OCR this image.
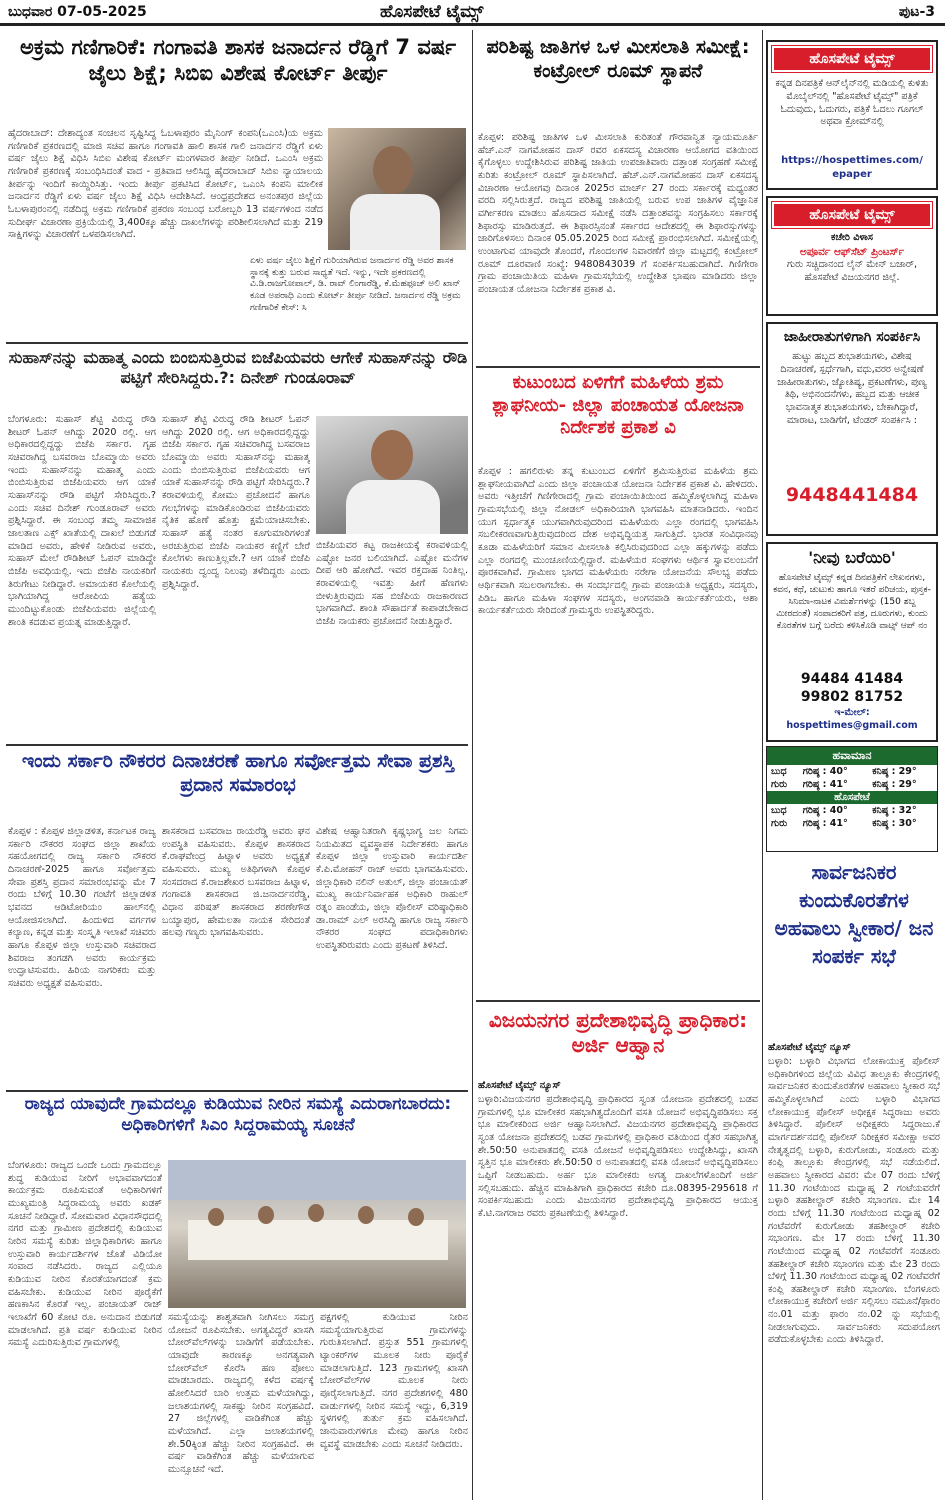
ಬುಧವಾರ 07-05-2025	ಹೊಸಪೇಟೆ ಟೈಮ್ಸ್	ಪುಟ-3
ಅಕ್ರಮ ಗಣಿಗಾರಿಕೆ: ಗಂಗಾವತಿ ಶಾಸಕ ಜನಾರ್ದನ ರೆಡ್ಡಿಗೆ 7 ವರ್ಷ ಜೈಲು ಶಿಕ್ಷೆ; ಸಿಬಿಐ ವಿಶೇಷ ಕೋರ್ಟ್ ತೀರ್ಪು
ಹೈದರಾಬಾದ್: ದೇಶಾದ್ಯಂತ ಸಂಚಲನ ಸೃಷ್ಟಿಸಿದ್ದ ಓಬಳಾಪುರಂ ಮೈನಿಂಗ್ ಕಂಪನಿ(ಒಎಂಸಿ)ಯ ಅಕ್ರಮ ಗಣಿಗಾರಿಕೆ ಪ್ರಕರಣದಲ್ಲಿ ಮಾಜಿ ಸಚಿವ ಹಾಗೂ ಗಂಗಾವತಿ ಹಾಲಿ ಶಾಸಕ ಗಾಲಿ ಜನಾರ್ದನ ರೆಡ್ಡಿಗೆ ಏಳು ವರ್ಷ ಜೈಲು ಶಿಕ್ಷೆ ವಿಧಿಸಿ ಸಿಬಿಐ ವಿಶೇಷ ಕೋರ್ಟ್ ಮಂಗಳವಾರ ತೀರ್ಪು ನೀಡಿದೆ. ಒಎಂಸಿ ಅಕ್ರಮ ಗಣಿಗಾರಿಕೆ ಪ್ರಕರಣಕ್ಕೆ ಸಂಬಂಧಿಸಿದಂತೆ ವಾದ - ಪ್ರತಿವಾದ ಆಲಿಸಿದ್ದ ಹೈದರಾಬಾದ್ ಸಿಬಿಐ ನ್ಯಾಯಾಲಯ ತೀರ್ಪನ್ನು ಇಂದಿಗೆ ಕಾಯ್ದಿರಿಸಿತ್ತು. ಇಂದು ತೀರ್ಪು ಪ್ರಕಟಿಸಿದ ಕೋರ್ಟ್, ಒಎಂಸಿ ಕಂಪನಿ ಮಾಲೀಕ ಜನಾರ್ದನ ರೆಡ್ಡಿಗೆ ಏಳು ವರ್ಷ ಜೈಲು ಶಿಕ್ಷೆ ವಿಧಿಸಿ ಆದೇಶಿಸಿದೆ. ಆಂಧ್ರಪ್ರದೇಶದ ಅನಂತಪುರ ಜಿಲ್ಲೆಯ ಓಬಳಾಪುರಂನಲ್ಲಿ ನಡೆದಿದ್ದ ಅಕ್ರಮ ಗಣಿಗಾರಿಕೆ ಪ್ರಕರಣ ಸಂಬಂಧ ಬರೋಬ್ಬರಿ 13 ವರ್ಷಗಳಿಂದ ನಡೆದ ಸುದೀರ್ಘ ವಿಚಾರಣಾ ಪ್ರಕ್ರಿಯೆಯಲ್ಲಿ 3,400ಕ್ಕೂ ಹೆಚ್ಚು ದಾಖಲೆಗಳನ್ನು ಪರಿಶೀಲಿಸಲಾಗಿದೆ ಮತ್ತು 219 ಸಾಕ್ಷಿಗಳನ್ನು ವಿಚಾರಣೆಗೆ ಒಳಪಡಿಸಲಾಗಿದೆ.
ಏಳು ವರ್ಷ ಜೈಲು ಶಿಕ್ಷೆಗೆ ಗುರಿಯಾಗಿರುವ ಜನಾರ್ದನ ರೆಡ್ಡಿ ಅವರ ಶಾಸಕ ಸ್ಥಾನಕ್ಕೆ ಕುತ್ತು ಬರುವ ಸಾಧ್ಯತೆ ಇದೆ. ಇನ್ನು, ಇದೇ ಪ್ರಕರಣದಲ್ಲಿ ವಿ.ಡಿ.ರಾಜಗೋಪಾಲ್, ಡಿ. ರಾವ್ ಲಿಂಗಾರೆಡ್ಡಿ, ಕೆ.ಮೆಹಫೂಜ್ ಅಲಿ ಖಾನ್ ಕೂಡ ಅಪರಾಧಿ ಎಂದು ಕೋರ್ಟ್ ತೀರ್ಪು ನೀಡಿದೆ. ಜನಾರ್ದನ ರೆಡ್ಡಿ ಅಕ್ರಮ ಗಣಿಗಾರಿಕೆ ಕೇಸ್: ಸಿ
ಸುಹಾಸ್‌ನನ್ನು ಮಹಾತ್ಮ ಎಂದು ಬಿಂಬಿಸುತ್ತಿರುವ ಬಿಜೆಪಿಯವರು ಆಗೇಕೆ ಸುಹಾಸ್‌ನನ್ನು ರೌಡಿ ಪಟ್ಟಿಗೆ ಸೇರಿಸಿದ್ದರು.?: ದಿನೇಶ್ ಗುಂಡೂರಾವ್
ಬೆಂಗಳೂರು: ಸುಹಾಸ್ ಶೆಟ್ಟಿ ವಿರುದ್ಧ ರೌಡಿ ಶೀಟರ್ ಓಪನ್ ಆಗಿದ್ದು 2020 ರಲ್ಲಿ. ಆಗ ಅಧಿಕಾರದಲ್ಲಿದ್ದದ್ದು ಬಿಜೆಪಿ ಸರ್ಕಾರ. ಗೃಹ ಸಚಿವರಾಗಿದ್ದ ಬಸವರಾಜ ಬೊಮ್ಮಾಯಿ ಅವರು ಇಂದು ಸುಹಾಸ್‌ನನ್ನು ಮಹಾತ್ಮ ಎಂದು ಬಿಂಬಿಸುತ್ತಿರುವ ಬಿಜೆಪಿಯವರು ಆಗ ಯಾಕೆ ಸುಹಾಸ್‌ನನ್ನು ರೌಡಿ ಪಟ್ಟಿಗೆ ಸೇರಿಸಿದ್ದರು.? ಎಂದು ಸಚಿವ ದಿನೇಶ್ ಗುಂಡೂರಾವ್ ಅವರು ಪ್ರಶ್ನಿಸಿದ್ದಾರೆ. ಈ ಸಂಬಂಧ ತಮ್ಮ ಸಾಮಾಜಿಕ ಜಾಲತಾಣ ಎಕ್ಸ್ ಖಾತೆಯಲ್ಲಿ ದಾಖಲೆ ಬಿಡುಗಡೆ ಮಾಡಿದ ಅವರು, ಹೇಳಿಕೆ ನೀಡಿರುವ ಅವರು, ಸುಹಾಸ್ ಮೇಲೆ ರೌಡಿಶೀಟ್ ಓಪನ್ ಮಾಡಿದ್ದೇ ಬಿಜೆಪಿ ಅವಧಿಯಲ್ಲಿ. ಇದು ಬಿಜೆಪಿ ನಾಯಕರಿಗೆ ತಿರುಗೇಟು ನೀಡಿದ್ದಾರೆ. ಅಮಾಯಕರ ಕೊಲೆಯಲ್ಲಿ ಭಾಗಿಯಾಗಿದ್ದ ಆರೋಪಿಯ ಹತ್ಯೆಯ ಮುಂದಿಟ್ಟುಕೊಂಡು ಬಿಜೆಪಿಯವರು ಜಿಲ್ಲೆಯಲ್ಲಿ ಶಾಂತಿ ಕದಡುವ ಪ್ರಯತ್ನ ಮಾಡುತ್ತಿದ್ದಾರೆ.
ಸುಹಾಸ್ ಶೆಟ್ಟಿ ವಿರುದ್ಧ ರೌಡಿ ಶೀಟರ್ ಓಪನ್ ಆಗಿದ್ದು 2020 ರಲ್ಲಿ. ಆಗ ಅಧಿಕಾರದಲ್ಲಿದ್ದದ್ದು ಬಿಜೆಪಿ ಸರ್ಕಾರ. ಗೃಹ ಸಚಿವರಾಗಿದ್ದ ಬಸವರಾಜ ಬೊಮ್ಮಾಯಿ ಅವರು ಸುಹಾಸ್‌ನನ್ನು ಮಹಾತ್ಮ ಎಂದು ಬಿಂಬಿಸುತ್ತಿರುವ ಬಿಜೆಪಿಯವರು ಆಗ ಯಾಕೆ ಸುಹಾಸ್‌ನನ್ನು ರೌಡಿ ಪಟ್ಟಿಗೆ ಸೇರಿಸಿದ್ದರು.? ಕರಾವಳಿಯಲ್ಲಿ ಕೋಮು ಪ್ರಚೋದನೆ ಹಾಗೂ ಗಲಭೆಗಳನ್ನು ಮಾಡಿಕೊಂಡಿರುವ ಬಿಜೆಪಿಯವರು ನೈತಿಕ ಹೊಣೆ ಹೊತ್ತು ಕ್ಷಮೆಯಾಚಿಸಬೇಕು. ಸುಹಾಸ್ ಹತ್ಯೆ ನಂತರ ಕೂಗುಮಾರಿಗಳಂತೆ ಅರಚುತ್ತಿರುವ ಬಿಜೆಪಿ ನಾಯಕರ ಕಣ್ಣಿಗೆ ಬೇರೆ ಕೊಲೆಗಳು ಕಾಣುತ್ತಿಲ್ಲವೇ.? ಆಗ ಯಾಕೆ ಬಿಜೆಪಿ ನಾಯಕರು ದ್ವಂದ್ವ ನಿಲುವು ತಳೆದಿದ್ದರು ಎಂದು ಪ್ರಶ್ನಿಸಿದ್ದಾರೆ.
ಬಿಜೆಪಿಯವರ ಕಟ್ಟ ರಾಜಕೀಯಕ್ಕೆ ಕರಾವಳಿಯಲ್ಲಿ ಎಷ್ಟೋ ಜನರ ಬಲಿಯಾಗಿದೆ. ಎಷ್ಟೋ ಮನೆಗಳ ದೀಪ ಆರಿ ಹೋಗಿದೆ. ಇವರ ರಕ್ತದಾಹ ನಿಂತಿಲ್ಲ. ಕರಾವಳಿಯಲ್ಲಿ ಇವತ್ತು ಹೀಗೆ ಹೆಣಗಳು ಬೀಳುತ್ತಿರುವುದು ಸಹ ಬಿಜೆಪಿಯ ರಾಜಕಾರಣದ ಭಾಗವಾಗಿದೆ. ಶಾಂತಿ ಸೌಹಾರ್ದತೆ ಕಾಪಾಡಬೇಕಾದ ಬಿಜೆಪಿ ನಾಯಕರು ಪ್ರಚೋದನೆ ನೀಡುತ್ತಿದ್ದಾರೆ.
ಇಂದು ಸರ್ಕಾರಿ ನೌಕರರ ದಿನಾಚರಣೆ ಹಾಗೂ ಸರ್ವೋತ್ತಮ ಸೇವಾ ಪ್ರಶಸ್ತಿ ಪ್ರದಾನ ಸಮಾರಂಭ
ಕೊಪ್ಪಳ : ಕೊಪ್ಪಳ ಜಿಲ್ಲಾಡಳಿತ, ಕರ್ನಾಟಕ ರಾಜ್ಯ ಸರ್ಕಾರಿ ನೌಕರರ ಸಂಘದ ಜಿಲ್ಲಾ ಶಾಖೆಯ ಸಹಯೋಗದಲ್ಲಿ ರಾಜ್ಯ ಸರ್ಕಾರಿ ನೌಕರರ ದಿನಾಚರಣೆ-2025 ಹಾಗೂ ಸರ್ವೋತ್ತಮ ಸೇವಾ ಪ್ರಶಸ್ತಿ ಪ್ರದಾನ ಸಮಾರಂಭವನ್ನು ಮೇ 7 ರಂದು ಬೆಳಿಗ್ಗೆ 10.30 ಗಂಟೆಗೆ ಜಿಲ್ಲಾಡಳಿತ ಭವನದ ಆಡಿಟೋರಿಯಂ ಹಾಲ್‌ನಲ್ಲಿ ಆಯೋಜಿಸಲಾಗಿದೆ. ಹಿಂದುಳಿದ ವರ್ಗಗಳ ಕಲ್ಯಾಣ, ಕನ್ನಡ ಮತ್ತು ಸಂಸ್ಕೃತಿ ಇಲಾಖೆ ಸಚಿವರು ಹಾಗೂ ಕೊಪ್ಪಳ ಜಿಲ್ಲಾ ಉಸ್ತುವಾರಿ ಸಚಿವರಾದ ಶಿವರಾಜ ತಂಗಡಗಿ ಅವರು ಕಾರ್ಯಕ್ರಮ ಉದ್ಘಾಟಿಸುವರು. ಹಿರಿಯ ನಾಗರಿಕರು ಮತ್ತು ಸಚಿವರು ಅಧ್ಯಕ್ಷತೆ ವಹಿಸುವರು.
ಶಾಸಕರಾದ ಬಸವರಾಜ ರಾಯರೆಡ್ಡಿ ಅವರು ಘನ ಉಪಸ್ಥಿತಿ ವಹಿಸುವರು. ಕೊಪ್ಪಳ ಶಾಸಕರಾದ ಕೆ.ರಾಘವೇಂದ್ರ ಹಿಟ್ನಾಳ ಅವರು ಅಧ್ಯಕ್ಷತೆ ವಹಿಸುವರು. ಮುಖ್ಯ ಅತಿಥಿಗಳಾಗಿ ಕೊಪ್ಪಳ ಸಂಸದರಾದ ಕೆ.ರಾಜಶೇಖರ ಬಸವರಾಜ ಹಿಟ್ನಾಳ, ಗಂಗಾವತಿ ಶಾಸಕರಾದ ಜಿ.ಜನಾರ್ದನರೆಡ್ಡಿ, ವಿಧಾನ ಪರಿಷತ್ ಶಾಸಕರಾದ ಶರಣೇಗೌಡ ಬಯ್ಯಾಪುರ, ಹೇಮಲತಾ ನಾಯಕ ಸೇರಿದಂತೆ ಹಲವು ಗಣ್ಯರು ಭಾಗವಹಿಸುವರು.
ವಿಶೇಷ ಆಹ್ವಾನಿತರಾಗಿ ಕೃಷ್ಣಭಾಗ್ಯ ಜಲ ನಿಗಮ ನಿಯಮಿತದ ವ್ಯವಸ್ಥಾಪಕ ನಿರ್ದೇಶಕರು ಹಾಗೂ ಕೊಪ್ಪಳ ಜಿಲ್ಲಾ ಉಸ್ತುವಾರಿ ಕಾರ್ಯದರ್ಶಿ ಕೆ.ಪಿ.ಮೋಹನ್ ರಾಜ್ ಅವರು ಭಾಗವಹಿಸುವರು. ಜಿಲ್ಲಾಧಿಕಾರಿ ನಲಿನ್ ಅತುಲ್, ಜಿಲ್ಲಾ ಪಂಚಾಯತ್ ಮುಖ್ಯ ಕಾರ್ಯನಿರ್ವಾಹಕ ಅಧಿಕಾರಿ ರಾಹುಲ್ ರತ್ನಂ ಪಾಂಡೆಯ, ಜಿಲ್ಲಾ ಪೊಲೀಸ್ ವರಿಷ್ಠಾಧಿಕಾರಿ ಡಾ.ರಾಮ್ ಎಲ್ ಅರಸಿದ್ದಿ ಹಾಗೂ ರಾಜ್ಯ ಸರ್ಕಾರಿ ನೌಕರರ ಸಂಘದ ಪದಾಧಿಕಾರಿಗಳು ಉಪಸ್ಥಿತರಿರುವರು ಎಂದು ಪ್ರಕಟಣೆ ತಿಳಿಸಿದೆ.
ರಾಜ್ಯದ ಯಾವುದೇ ಗ್ರಾಮದಲ್ಲೂ ಕುಡಿಯುವ ನೀರಿನ ಸಮಸ್ಯೆ ಎದುರಾಗಬಾರದು: ಅಧಿಕಾರಿಗಳಿಗೆ ಸಿಎಂ ಸಿದ್ದರಾಮಯ್ಯ ಸೂಚನೆ
ಬೆಂಗಳೂರು: ರಾಜ್ಯದ ಒಂದೇ ಒಂದು ಗ್ರಾಮದಲ್ಲೂ ಶುದ್ಧ ಕುಡಿಯುವ ನೀರಿಗೆ ಅಭಾವವಾಗದಂತೆ ಕಾರ್ಯಕ್ರಮ ರೂಪಿಸುವಂತೆ ಅಧಿಕಾರಿಗಳಿಗೆ ಮುಖ್ಯಮಂತ್ರಿ ಸಿದ್ದರಾಮಯ್ಯ ಅವರು ಖಡಕ್ ಸೂಚನೆ ನೀಡಿದ್ದಾರೆ. ಸೋಮವಾರ ವಿಧಾನಸೌಧದಲ್ಲಿ ನಗರ ಮತ್ತು ಗ್ರಾಮೀಣ ಪ್ರದೇಶದಲ್ಲಿ ಕುಡಿಯುವ ನೀರಿನ ಸಮಸ್ಯೆ ಕುರಿತು ಜಿಲ್ಲಾಧಿಕಾರಿಗಳು ಹಾಗೂ ಉಸ್ತುವಾರಿ ಕಾರ್ಯದರ್ಶಿಗಳ ಜೊತೆ ವಿಡಿಯೋ ಸಂವಾದ ನಡೆಸಿದರು. ರಾಜ್ಯದ ಎಲ್ಲಿಯೂ ಕುಡಿಯುವ ನೀರಿನ ಕೊರತೆಯಾಗದಂತೆ ಕ್ರಮ ವಹಿಸಬೇಕು. ಕುಡಿಯುವ ನೀರಿನ ಪೂರೈಕೆಗೆ ಹಣಕಾಸಿನ ಕೊರತೆ ಇಲ್ಲ. ಪಂಚಾಯತ್ ರಾಜ್ ಇಲಾಖೆಗೆ 60 ಕೋಟಿ ರೂ. ಅನುದಾನ ಬಿಡುಗಡೆ ಮಾಡಲಾಗಿದೆ. ಪ್ರತಿ ವರ್ಷ ಕುಡಿಯುವ ನೀರಿನ ಸಮಸ್ಯೆ ಎದುರಿಸುತ್ತಿರುವ ಗ್ರಾಮಗಳಲ್ಲಿ
ಸಮಸ್ಯೆಯನ್ನು ಶಾಶ್ವತವಾಗಿ ನೀಗಿಸಲು ಸಮಗ್ರ ಯೋಜನೆ ರೂಪಿಸಬೇಕು. ಅಗತ್ಯವಿದ್ದರೆ ಖಾಸಗಿ ಬೋರ್‌ವೆಲ್‌ಗಳನ್ನು ಬಾಡಿಗೆಗೆ ಪಡೆಯಬೇಕು. ಯಾವುದೇ ಕಾರಣಕ್ಕೂ ಅನಗತ್ಯವಾಗಿ ಬೋರ್‌ವೆಲ್ ಕೊರೆಸಿ ಹಣ ಪೋಲು ಮಾಡಬಾರದು. ರಾಜ್ಯದಲ್ಲಿ ಕಳೆದ ವರ್ಷಕ್ಕೆ ಹೋಲಿಸಿದರೆ ಬಾರಿ ಉತ್ತಮ ಮಳೆಯಾಗಿದ್ದು, ಜಲಾಶಯಗಳಲ್ಲಿ ಸಾಕಷ್ಟು ನೀರಿನ ಸಂಗ್ರಹವಿದೆ. 27 ಜಿಲ್ಲೆಗಳಲ್ಲಿ ವಾಡಿಕೆಗಿಂತ ಹೆಚ್ಚು ಮಳೆಯಾಗಿದೆ. ಎಲ್ಲಾ ಜಲಾಶಯಗಳಲ್ಲಿ ಶೇ.50ಕ್ಕಿಂತ ಹೆಚ್ಚು ನೀರಿನ ಸಂಗ್ರಹವಿದೆ. ಈ ವರ್ಷ ವಾಡಿಕೆಗಿಂತ ಹೆಚ್ಚು ಮಳೆಯಾಗುವ ಮುನ್ಸೂಚನೆ ಇದೆ.
ಪಕ್ಷಗಳಲ್ಲಿ ಕುಡಿಯುವ ನೀರಿನ ಸಮಸ್ಯೆಯಾಗುತ್ತಿರುವ ಗ್ರಾಮಗಳನ್ನು ಗುರುತಿಸಲಾಗಿದೆ. ಪ್ರಸ್ತುತ 551 ಗ್ರಾಮಗಳಲ್ಲಿ ಟ್ಯಾಂಕರ್‌ಗಳ ಮೂಲಕ ನೀರು ಪೂರೈಕೆ ಮಾಡಲಾಗುತ್ತಿದೆ. 123 ಗ್ರಾಮಗಳಲ್ಲಿ ಖಾಸಗಿ ಬೋರ್‌ವೆಲ್‌ಗಳ ಮೂಲಕ ನೀರು ಪೂರೈಸಲಾಗುತ್ತಿದೆ. ನಗರ ಪ್ರದೇಶಗಳಲ್ಲಿ 480 ವಾರ್ಡುಗಳಲ್ಲಿ ನೀರಿನ ಸಮಸ್ಯೆ ಇದ್ದು, 6,319 ಸ್ಥಳಗಳಲ್ಲಿ ತುರ್ತು ಕ್ರಮ ವಹಿಸಲಾಗಿದೆ. ಜಾನುವಾರುಗಳಿಗೂ ಮೇವು ಹಾಗೂ ನೀರಿನ ವ್ಯವಸ್ಥೆ ಮಾಡಬೇಕು ಎಂದು ಸೂಚನೆ ನೀಡಿದರು.
ಪರಿಶಿಷ್ಟ ಜಾತಿಗಳ ಒಳ ಮೀಸಲಾತಿ ಸಮೀಕ್ಷೆ: ಕಂಟ್ರೋಲ್ ರೂಮ್ ಸ್ಥಾಪನೆ
ಕೊಪ್ಪಳ: ಪರಿಶಿಷ್ಟ ಜಾತಿಗಳ ಒಳ ಮೀಸಲಾತಿ ಕುರಿತಂತೆ ಗೌರವಾನ್ವಿತ ನ್ಯಾಯಮೂರ್ತಿ ಹೆಚ್.ಎನ್ ನಾಗಮೋಹನ ದಾಸ್ ರವರ ಏಕಸದಸ್ಯ ವಿಚಾರಣಾ ಆಯೋಗದ ವತಿಯಿಂದ ಕೈಗೊಳ್ಳಲು ಉದ್ದೇಶಿಸಿರುವ ಪರಿಶಿಷ್ಟ ಜಾತಿಯ ಉಪಜಾತಿವಾರು ದತ್ತಾಂಶ ಸಂಗ್ರಹಣೆ ಸಮೀಕ್ಷೆ ಕುರಿತು ಕಂಟ್ರೋಲ್ ರೂಮ್ ಸ್ಥಾಪಿಸಲಾಗಿದೆ. ಹೆಚ್.ಎನ್.ನಾಗಮೋಹನ ದಾಸ್ ಏಕಸದಸ್ಯ ವಿಚಾರಣಾ ಆಯೋಗವು ದಿನಾಂಕ 2025ರ ಮಾರ್ಚ್ 27 ರಂದು ಸರ್ಕಾರಕ್ಕೆ ಮಧ್ಯಂತರ ವರದಿ ಸಲ್ಲಿಸಿರುತ್ತದೆ. ರಾಜ್ಯದ ಪರಿಶಿಷ್ಟ ಜಾತಿಯಲ್ಲಿ ಬರುವ ಉಪ ಜಾತಿಗಳ ವೈಜ್ಞಾನಿಕ ವರ್ಗೀಕರಣ ಮಾಡಲು ಹೊಸದಾದ ಸಮೀಕ್ಷೆ ನಡೆಸಿ ದತ್ತಾಂಶವನ್ನು ಸಂಗ್ರಹಿಸಲು ಸರ್ಕಾರಕ್ಕೆ ಶಿಫಾರಸ್ಸು ಮಾಡಿರುತ್ತದೆ. ಈ ಶಿಫಾರಸ್ಸಿನಂತೆ ಸರ್ಕಾರದ ಆದೇಶದಲ್ಲಿ ಈ ಶಿಫಾರಸ್ಸುಗಳನ್ನು ಜಾರಿಗೊಳಿಸಲು ದಿನಾಂಕ 05.05.2025 ರಿಂದ ಸಮೀಕ್ಷೆ ಪ್ರಾರಂಭಿಸಲಾಗಿದೆ. ಸಮೀಕ್ಷೆಯಲ್ಲಿ ಉಂಟಾಗುವ ಯಾವುದೇ ತೊಂದರೆ, ಗೊಂದಲಗಳ ನಿವಾರಣೆಗೆ ಜಿಲ್ಲಾ ಮಟ್ಟದಲ್ಲಿ ಕಂಟ್ರೋಲ್ ರೂಮ್ ದೂರವಾಣಿ ಸಂಖ್ಯೆ: 9480843039 ಗೆ ಸಂಪರ್ಕಿಸಬಹುದಾಗಿದೆ. ಗಿಣಿಗೇರಾ ಗ್ರಾಮ ಪಂಚಾಯಿತಿಯ ಮಹಿಳಾ ಗ್ರಾಮಸಭೆಯಲ್ಲಿ ಉದ್ದೇಶಿತ ಭಾಷಣ ಮಾಡಿದರು ಜಿಲ್ಲಾ ಪಂಚಾಯತ ಯೋಜನಾ ನಿರ್ದೇಶಕ ಪ್ರಕಾಶ ವಿ.
ಕುಟುಂಬದ ಏಳಿಗೆಗೆ ಮಹಿಳೆಯ ಶ್ರಮ ಶ್ಲಾಘನೀಯ- ಜಿಲ್ಲಾ ಪಂಚಾಯತ ಯೋಜನಾ ನಿರ್ದೇಶಕ ಪ್ರಕಾಶ ವಿ
ಕೊಪ್ಪಳ : ಹಗಲಿರುಳು ತನ್ನ ಕುಟುಂಬದ ಏಳಿಗೆಗೆ ಶ್ರಮಿಸುತ್ತಿರುವ ಮಹಿಳೆಯ ಶ್ರಮ ಶ್ಲಾಘನೀಯವಾಗಿದೆ ಎಂದು ಜಿಲ್ಲಾ ಪಂಚಾಯತ ಯೋಜನಾ ನಿರ್ದೇಶಕ ಪ್ರಕಾಶ ವಿ. ಹೇಳಿದರು. ಅವರು ಇತ್ತೀಚೆಗೆ ಗಿಣಿಗೇರಾದಲ್ಲಿ ಗ್ರಾಮ ಪಂಚಾಯಿತಿಯಿಂದ ಹಮ್ಮಿಕೊಳ್ಳಲಾಗಿದ್ದ ಮಹಿಳಾ ಗ್ರಾಮಸಭೆಯಲ್ಲಿ ಜಿಲ್ಲಾ ನೋಡಲ್ ಅಧಿಕಾರಿಯಾಗಿ ಭಾಗವಹಿಸಿ ಮಾತನಾಡಿದರು. ಇಂದಿನ ಯುಗ ಸ್ಪರ್ಧಾತ್ಮಕ ಯುಗವಾಗಿರುವುದರಿಂದ ಮಹಿಳೆಯರು ಎಲ್ಲಾ ರಂಗದಲ್ಲಿ ಭಾಗವಹಿಸಿ ಸಬಲೀಕರಣವಾಗುತ್ತಿರುವುದರಿಂದ ದೇಶ ಅಭಿವೃದ್ಧಿಯತ್ತ ಸಾಗುತ್ತಿದೆ. ಭಾರತ ಸಂವಿಧಾನವು ಕೂಡಾ ಮಹಿಳೆಯರಿಗೆ ಸಮಾನ ಮೀಸಲಾತಿ ಕಲ್ಪಿಸಿರುವುದರಿಂದ ಎಲ್ಲಾ ಹಕ್ಕುಗಳನ್ನು ಪಡೆದು ಎಲ್ಲಾ ರಂಗದಲ್ಲಿ ಮುಂಚೂಣಿಯಲ್ಲಿದ್ದಾರೆ. ಮಹಿಳೆಯರ ಸಂಘಗಳು ಆರ್ಥಿಕ ಸ್ವಾವಲಂಬನೆಗೆ ಪೂರಕವಾಗಿವೆ. ಗ್ರಾಮೀಣ ಭಾಗದ ಮಹಿಳೆಯರು ನರೇಗಾ ಯೋಜನೆಯ ಸೌಲಭ್ಯ ಪಡೆದು ಆರ್ಥಿಕವಾಗಿ ಸಬಲರಾಗಬೇಕು. ಈ ಸಂದರ್ಭದಲ್ಲಿ ಗ್ರಾಮ ಪಂಚಾಯತಿ ಅಧ್ಯಕ್ಷರು, ಸದಸ್ಯರು, ಪಿಡಿಒ ಹಾಗೂ ಮಹಿಳಾ ಸಂಘಗಳ ಸದಸ್ಯರು, ಅಂಗನವಾಡಿ ಕಾರ್ಯಕರ್ತೆಯರು, ಆಶಾ ಕಾರ್ಯಕರ್ತೆಯರು ಸೇರಿದಂತೆ ಗ್ರಾಮಸ್ಥರು ಉಪಸ್ಥಿತರಿದ್ದರು.
ವಿಜಯನಗರ ಪ್ರದೇಶಾಭಿವೃದ್ಧಿ ಪ್ರಾಧಿಕಾರ: ಅರ್ಜಿ ಆಹ್ವಾನ
ಹೊಸಪೇಟೆ ಟೈಮ್ಸ್ ನ್ಯೂಸ್
ಬಳ್ಳಾರಿ:ವಿಜಯನಗರ ಪ್ರದೇಶಾಭಿವೃದ್ಧಿ ಪ್ರಾಧಿಕಾರದ ಸ್ವಂತ ಯೋಜನಾ ಪ್ರದೇಶದಲ್ಲಿ ಬಡವ ಗ್ರಾಮಗಳಲ್ಲಿ ಭೂ ಮಾಲೀಕರ ಸಹಭಾಗಿತ್ವದೊಂದಿಗೆ ವಸತಿ ಯೋಜನೆ ಅಭಿವೃದ್ಧಿಪಡಿಸಲು ಸಕ್ತ ಭೂ ಮಾಲೀಕರಿಂದ ಅರ್ಜಿ ಆಹ್ವಾನಿಸಲಾಗಿದೆ. ವಿಜಯನಗರ ಪ್ರದೇಶಾಭಿವೃದ್ಧಿ ಪ್ರಾಧಿಕಾರದ ಸ್ವಂತ ಯೋಜನಾ ಪ್ರದೇಶದಲ್ಲಿ ಬಡವ ಗ್ರಾಮಗಳಲ್ಲಿ ಪ್ರಾಧಿಕಾರ ವತಿಯಿಂದ ರೈತರ ಸಹಭಾಗಿತ್ವ ಶೇ.50:50 ಅನುಪಾತದಲ್ಲಿ ವಸತಿ ಯೋಜನೆ ಅಭಿವೃದ್ಧಿಪಡಿಸಲು ಉದ್ದೇಶಿಸಿದ್ದು, ಖಾಸಗಿ ಸ್ವತ್ತಿನ ಭೂ ಮಾಲೀಕರು ಶೇ.50:50 ರ ಅನುಪಾತದಲ್ಲಿ ವಸತಿ ಯೋಜನೆ ಅಭಿವೃದ್ಧಿಪಡಿಸಲು ಒಪ್ಪಿಗೆ ನೀಡಬಹುದು. ಅರ್ಹ ಭೂ ಮಾಲೀಕರು ಅಗತ್ಯ ದಾಖಲೆಗಳೊಂದಿಗೆ ಅರ್ಜಿ ಸಲ್ಲಿಸಬಹುದು. ಹೆಚ್ಚಿನ ಮಾಹಿತಿಗಾಗಿ ಪ್ರಾಧಿಕಾರದ ಕಚೇರಿ ದೂ.08395-295618 ಗೆ ಸಂಪರ್ಕಿಸಬಹುದು ಎಂದು ವಿಜಯನಗರ ಪ್ರದೇಶಾಭಿವೃದ್ಧಿ ಪ್ರಾಧಿಕಾರದ ಆಯುಕ್ತ ಕೆ.ಟಿ.ನಾಗರಾಜ ರವರು ಪ್ರಕಟಣೆಯಲ್ಲಿ ತಿಳಿಸಿದ್ದಾರೆ.
ಹೊಸಪೇಟೆ ಟೈಮ್ಸ್
ಕನ್ನಡ ದಿನಪತ್ರಿಕೆ ಆನ್‌ಲೈನ್‌ನಲ್ಲಿ ಮಡಿಯಲ್ಲಿ ಕುಳಿತು ಮೊಬೈಲ್‌ನಲ್ಲಿ "ಹೊಸಪೇಟೆ ಟೈಮ್ಸ್" ಪತ್ರಿಕೆ ಓದುವುದು, ಓದುಗರು, ಪತ್ರಿಕೆ ಓದಲು ಗೂಗಲ್ ಅಥವಾ ಕ್ರೋಮ್‌ನಲ್ಲಿ
https://hospettimes.com/
epaper
ಹೊಸಪೇಟೆ ಟೈಮ್ಸ್
ಕಚೇರಿ ವಿಳಾಸ
ಅಪೂರ್ವ ಆಫ್‌ಸೆಟ್ ಪ್ರಿಂಟರ್ಸ್
ಗುರು ಸಚ್ಚಿದಾನಂದ ಲೈನ್ ಮೇನ್ ಬಜಾರ್, ಹೊಸಪೇಟೆ ವಿಜಯನಗರ ಜಿಲ್ಲೆ.
ಜಾಹೀರಾತುಗಳಿಗಾಗಿ ಸಂಪರ್ಕಿಸಿ
ಹುಟ್ಟು ಹಬ್ಬದ ಶುಭಾಶಯಗಳು, ವಿಶೇಷ ದಿನಾಚರಣೆ, ಸ್ಪರ್ಧೆಗಾಗಿ, ವಧು,ವರರ ಅನ್ವೇಷಣೆ ಜಾಹೀರಾತುಗಳು, ಜ್ಯೋತಿಷ್ಯ, ಪ್ರಕಟಣೆಗಳು, ಪುಣ್ಯ ತಿಥಿ, ಅಭಿನಂದನೆಗಳು, ಹಬ್ಬದ ಮತ್ತು ಆಚೀಕ ಭಾವನಾತ್ಮಕ ಶುಭಾಶಯಗಳು, ಬೇಕಾಗಿದ್ದಾರೆ, ಮಾರಾಟ, ಬಾಡಿಗೆಗೆ, ಟೆಂಡರ್ ಸಂಪರ್ಕಿಸಿ :
9448441484
'ನೀವು ಬರೆಯಿರಿ'
ಹೊಸಪೇಟೆ ಟೈಮ್ಸ್ ಕನ್ನಡ ದಿನಪತ್ರಿಕೆಗೆ ಲೇಖನಗಳು, ಕವನ, ಕಥೆ, ಚುಟುಕು ಹಾಗೂ ಇತರೆ ಪರಿಚಯ, ಪುಸ್ತಕ- ಸಿನಿಮಾ-ನಾಟಕ ವಿಮರ್ಶೆಗಳನ್ನು (150 ಶಬ್ದ ಮೀರದಂತೆ) ಸಂಪಾದಕರಿಗೆ ಪತ್ರ, ದೂರುಗಳು, ಕುಂದು ಕೊರತೆಗಳ ಬಗ್ಗೆ ಬರೆದು ಕಳಿಸಿಕೊಡಿ ವಾಟ್ಸ್ ಆಪ್ ನಂ
94484 41484
99802 81752
ಇ-ಮೇಲ್: hospettimes@gmail.com
ಹವಾಮಾನ
ಬುಧ	ಗರಿಷ್ಠ : 40°	ಕನಿಷ್ಠ : 29°
ಗುರು	ಗರಿಷ್ಠ : 41°	ಕನಿಷ್ಠ : 29°
ಹೊಸಪೇಟೆ
ಬುಧ	ಗರಿಷ್ಠ : 40°	ಕನಿಷ್ಠ : 32°
ಗುರು	ಗರಿಷ್ಠ : 41°	ಕನಿಷ್ಠ : 30°
ಸಾರ್ವಜನಿಕರ ಕುಂದುಕೊರತೆಗಳ ಅಹವಾಲು ಸ್ವೀಕಾರ/ ಜನ ಸಂಪರ್ಕ ಸಭೆ
ಹೊಸಪೇಟೆ ಟೈಮ್ಸ್ ನ್ಯೂಸ್
ಬಳ್ಳಾರಿ: ಬಳ್ಳಾರಿ ವಿಭಾಗದ ಲೋಕಾಯುಕ್ತ ಪೊಲೀಸ್ ಅಧಿಕಾರಿಗಳಿಂದ ಜಿಲ್ಲೆಯ ವಿವಿಧ ತಾಲ್ಲೂಕು ಕೇಂದ್ರಗಳಲ್ಲಿ ಸಾರ್ವಜನಿಕರ ಕುಂದುಕೊರತೆಗಳ ಅಹವಾಲು ಸ್ವೀಕಾರ ಸಭೆ ಹಮ್ಮಿಕೊಳ್ಳಲಾಗಿದೆ ಎಂದು ಬಳ್ಳಾರಿ ವಿಭಾಗದ ಲೋಕಾಯುಕ್ತ ಪೊಲೀಸ್ ಅಧೀಕ್ಷಕ ಸಿದ್ಧರಾಜು ಅವರು ತಿಳಿಸಿದ್ದಾರೆ. ಪೊಲೀಸ್ ಅಧೀಕ್ಷಕರು ಸಿದ್ಧರಾಜು.ಕೆ ಮಾರ್ಗದರ್ಶನದಲ್ಲಿ ಪೊಲೀಸ್ ನಿರೀಕ್ಷಕರ ಸಮೀಕ್ಷಾ ಅವರ ನೇತೃತ್ವದಲ್ಲಿ ಬಳ್ಳಾರಿ, ಕುರುಗೋಡು, ಸಂಡೂರು ಮತ್ತು ಕಂಪ್ಲಿ ತಾಲ್ಲೂಕು ಕೇಂದ್ರಗಳಲ್ಲಿ ಸಭೆ ನಡೆಯಲಿದೆ. ಅಹವಾಲು ಸ್ವೀಕಾರದ ವಿವರ: ಮೇ 07 ರಂದು ಬೆಳಿಗ್ಗೆ 11.30 ಗಂಟೆಯಿಂದ ಮಧ್ಯಾಹ್ನ 2 ಗಂಟೆಯವರೆಗೆ ಬಳ್ಳಾರಿ ತಹಶೀಲ್ದಾರ್ ಕಚೇರಿ ಸಭಾಂಗಣ. ಮೇ 14 ರಂದು ಬೆಳಿಗ್ಗೆ 11.30 ಗಂಟೆಯಿಂದ ಮಧ್ಯಾಹ್ನ 02 ಗಂಟೆವರೆಗೆ ಕುರುಗೋಡು ತಹಶೀಲ್ದಾರ್ ಕಚೇರಿ ಸಭಾಂಗಣ. ಮೇ 17 ರಂದು ಬೆಳಿಗ್ಗೆ 11.30 ಗಂಟೆಯಿಂದ ಮಧ್ಯಾಹ್ನ 02 ಗಂಟೆವರೆಗೆ ಸಂಡೂರು ತಹಶೀಲ್ದಾರ್ ಕಚೇರಿ ಸಭಾಂಗಣ ಮತ್ತು ಮೇ 23 ರಂದು ಬೆಳಿಗ್ಗೆ 11.30 ಗಂಟೆಯಿಂದ ಮಧ್ಯಾಹ್ನ 02 ಗಂಟೆವರೆಗೆ ಕಂಪ್ಲಿ ತಹಶೀಲ್ದಾರ್ ಕಚೇರಿ ಸಭಾಂಗಣ. ಬೆಂಗಳೂರು ಲೋಕಾಯುಕ್ತ ಕಚೇರಿಗೆ ಅರ್ಜಿ ಸಲ್ಲಿಸಲು ನಮೂನೆ/ಫಾರಂ ನಂ.01 ಮತ್ತು ಫಾರಂ ನಂ.02 ನ್ನು ಸಭೆಯಲ್ಲಿ ನೀಡಲಾಗುವುದು. ಸಾರ್ವಜನಿಕರು ಸದುಪಯೋಗ ಪಡೆದುಕೊಳ್ಳಬೇಕು ಎಂದು ತಿಳಿಸಿದ್ದಾರೆ.
